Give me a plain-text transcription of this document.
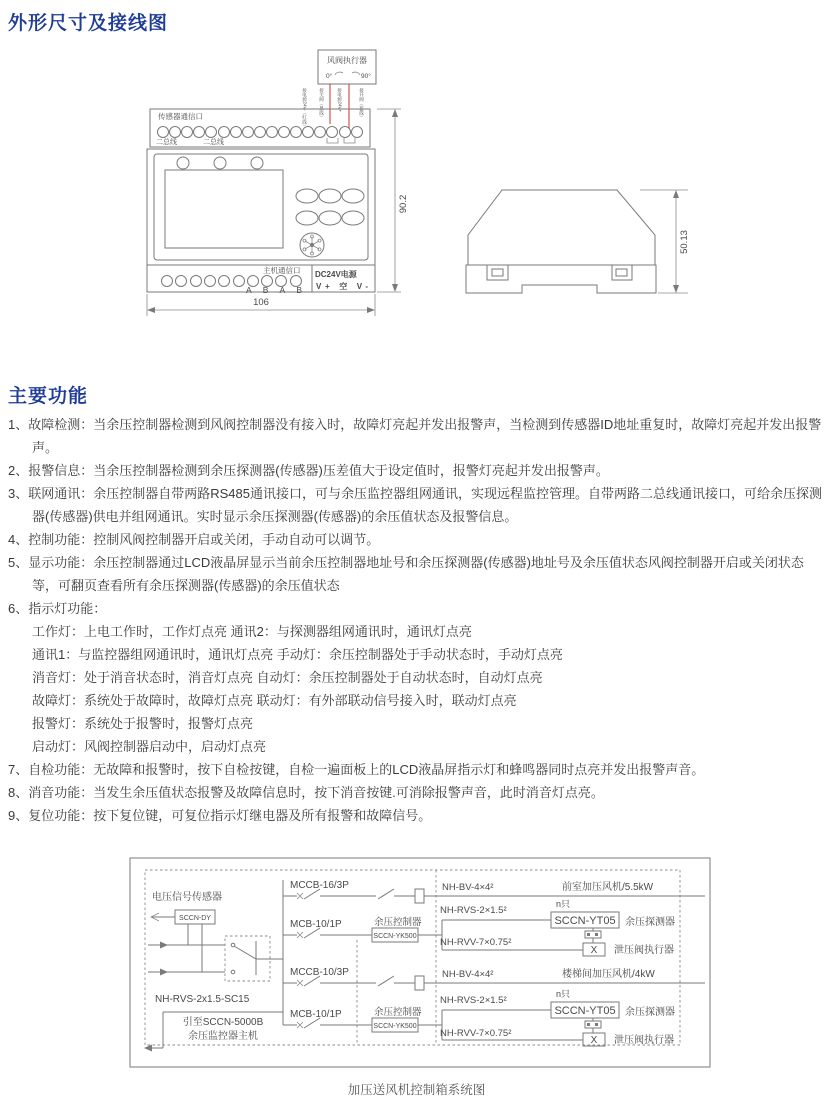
外形尺寸及接线图
风阀执行器
0°	90°
接电源24V-（红线）	接关阀（黑线）	接电源24V+	接开阀（蓝线）
传感器通信口
二总线	二总线
主机通信口
A B A B
DC24V电源
V+ 空 V-
90.2
106
50.13
主要功能
1、故障检测：当余压控制器检测到风阀控制器没有接入时，故障灯亮起并发出报警声，当检测到传感器ID地址重复时，故障灯亮起并发出报警声。
2、报警信息：当余压控制器检测到余压探测器(传感器)压差值大于设定值时，报警灯亮起并发出报警声。
3、联网通讯：余压控制器自带两路RS485通讯接口，可与余压监控器组网通讯，实现远程监控管理。自带两路二总线通讯接口，可给余压探测器(传感器)供电并组网通讯。实时显示余压探测器(传感器)的余压值状态及报警信息。
4、控制功能：控制风阀控制器开启或关闭，手动自动可以调节。
5、显示功能：余压控制器通过LCD液晶屏显示当前余压控制器地址号和余压探测器(传感器)地址号及余压值状态风阀控制器开启或关闭状态等，可翻页查看所有余压探测器(传感器)的余压值状态
6、指示灯功能：
工作灯：上电工作时，工作灯点亮 通讯2：与探测器组网通讯时，通讯灯点亮
通讯1：与监控器组网通讯时，通讯灯点亮 手动灯：余压控制器处于手动状态时，手动灯点亮
消音灯：处于消音状态时，消音灯点亮 自动灯：余压控制器处于自动状态时，自动灯点亮
故障灯：系统处于故障时，故障灯点亮 联动灯：有外部联动信号接入时，联动灯点亮
报警灯：系统处于报警时，报警灯点亮
启动灯：风阀控制器启动中，启动灯点亮
7、自检功能：无故障和报警时，按下自检按键，自检一遍面板上的LCD液晶屏指示灯和蜂鸣器同时点亮并发出报警声音。
8、消音功能：当发生余压值状态报警及故障信息时，按下消音按键.可消除报警声音，此时消音灯点亮。
9、复位功能：按下复位键，可复位指示灯继电器及所有报警和故障信号。
电压信号传感器
SCCN-DY
MCCB-16/3P	NH-BV-4×4²	前室加压风机/5.5kW
MCB-10/1P	余压控制器
SCCN-YK500
NH-RVS-2×1.5²
n只
SCCN-YT05 余压探测器
X 泄压阀执行器
NH-RVV-7×0.75²
MCCB-10/3P	NH-BV-4×4²	楼梯间加压风机/4kW
MCB-10/1P	余压控制器
SCCN-YK500
NH-RVS-2×1.5²
n只
SCCN-YT05 余压探测器
X 泄压阀执行器
NH-RVV-7×0.75²
NH-RVS-2x1.5-SC15
引至SCCN-5000B
余压监控器主机
加压送风机控制箱系统图
